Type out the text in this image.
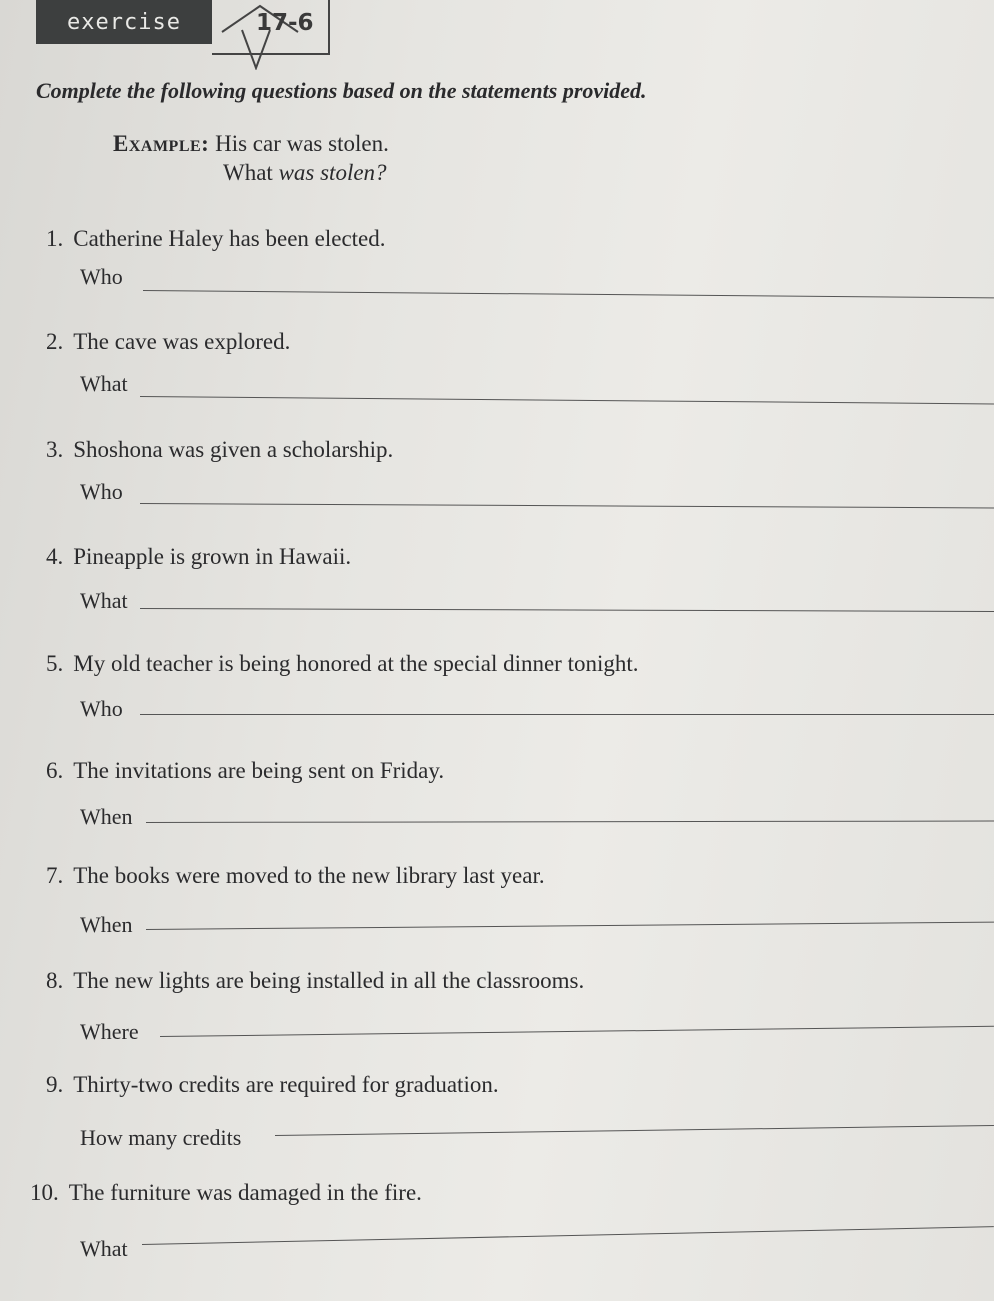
exercise	17-6
Complete the following questions based on the statements provided.
Example: His car was stolen.
What was stolen?
1. Catherine Haley has been elected.
Who
2. The cave was explored.
What
3. Shoshona was given a scholarship.
Who
4. Pineapple is grown in Hawaii.
What
5. My old teacher is being honored at the special dinner tonight.
Who
6. The invitations are being sent on Friday.
When
7. The books were moved to the new library last year.
When
8. The new lights are being installed in all the classrooms.
Where
9. Thirty-two credits are required for graduation.
How many credits
10. The furniture was damaged in the fire.
What
